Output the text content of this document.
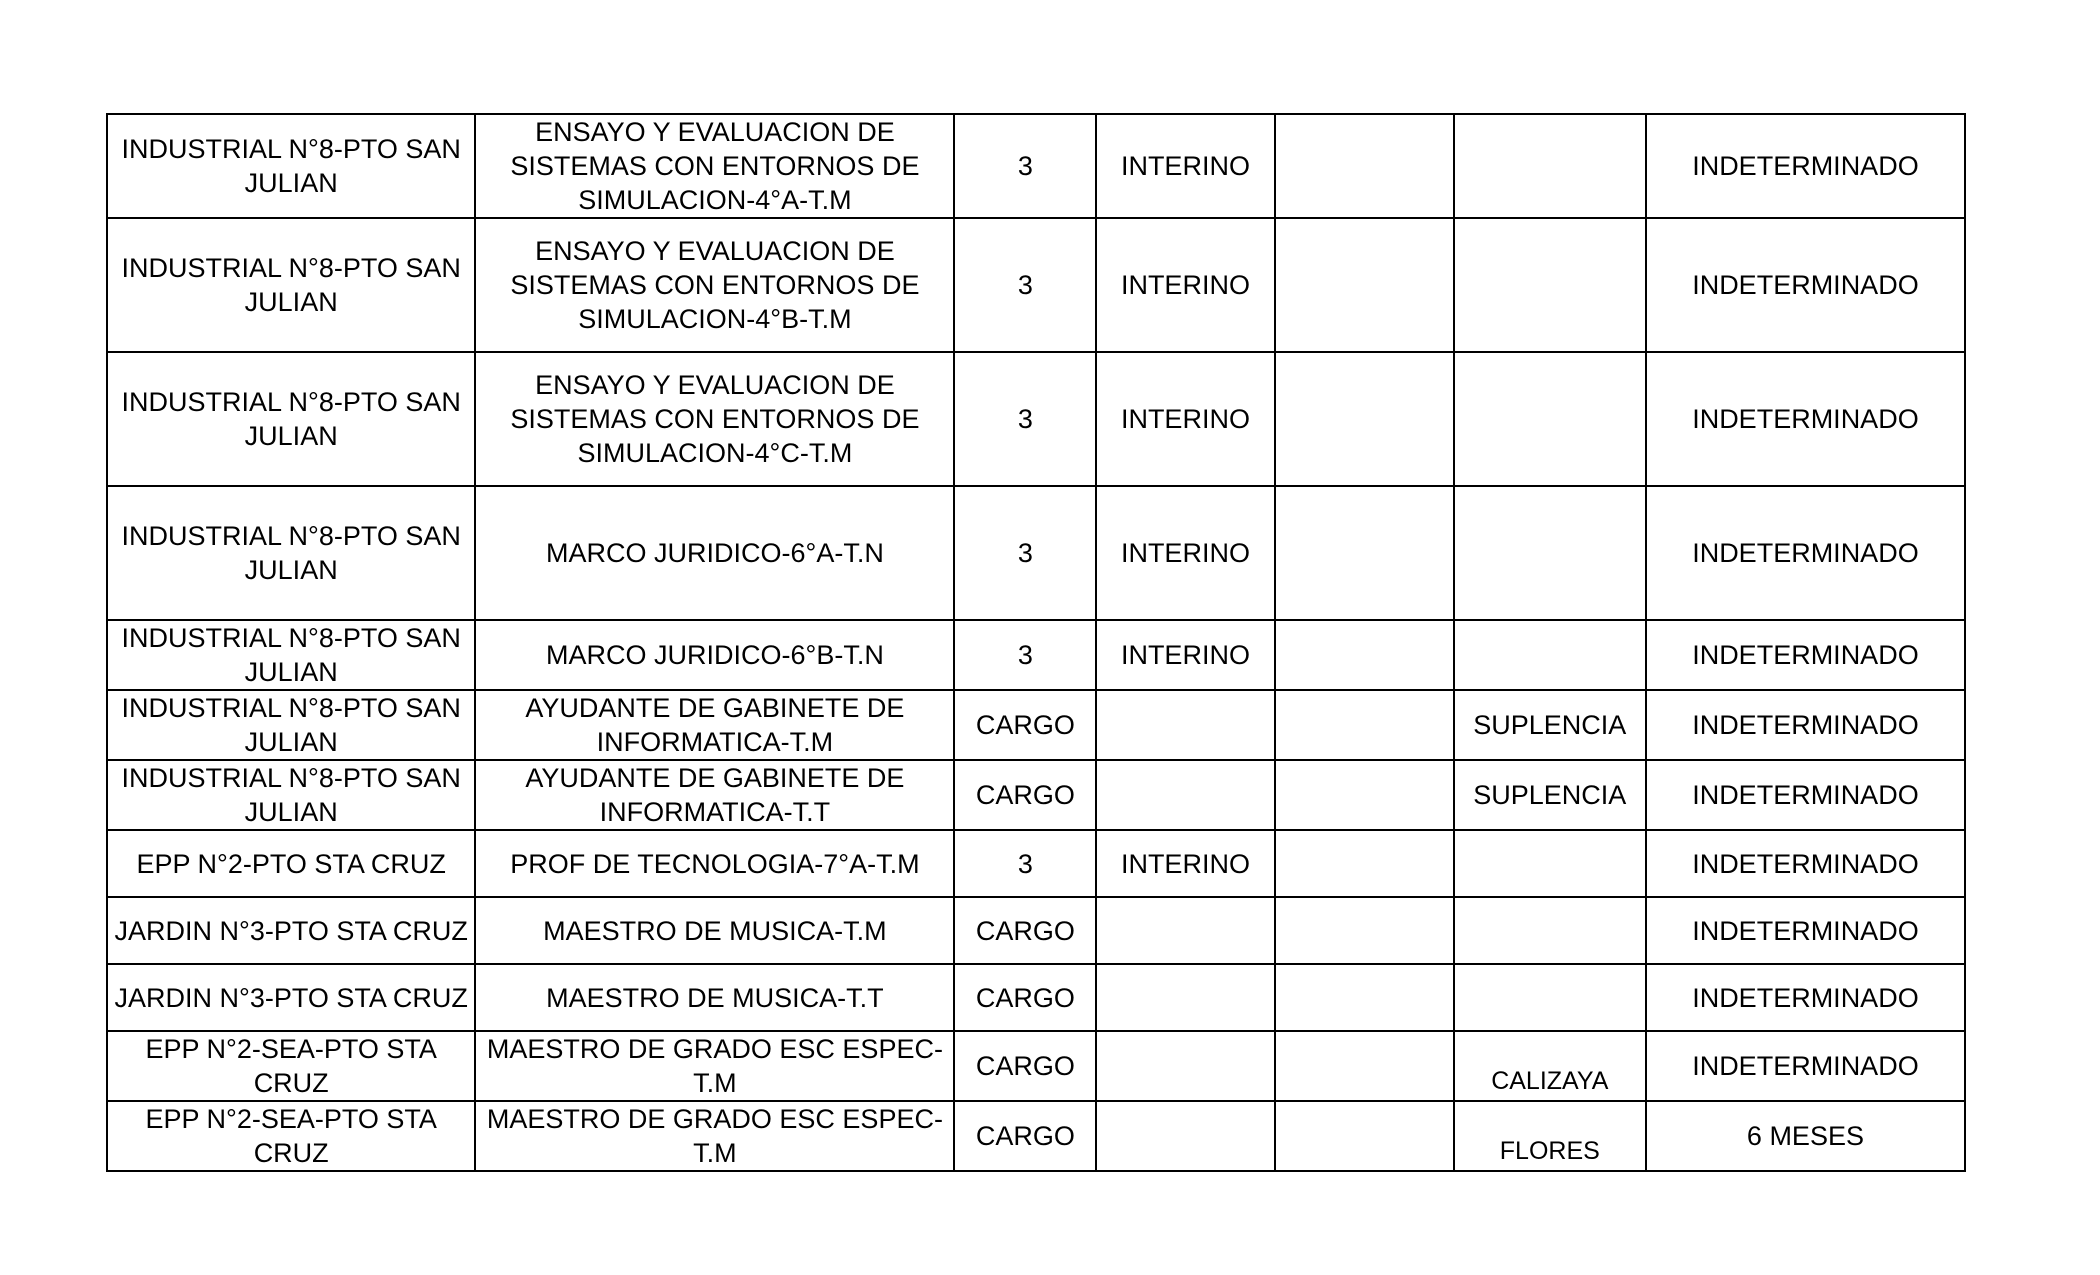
INDUSTRIAL N°8-PTO SAN JULIAN	ENSAYO Y EVALUACION DE SISTEMAS CON ENTORNOS DE SIMULACION-4°A-T.M	3	INTERINO			INDETERMINADO
INDUSTRIAL N°8-PTO SAN JULIAN	ENSAYO Y EVALUACION DE SISTEMAS CON ENTORNOS DE SIMULACION-4°B-T.M	3	INTERINO			INDETERMINADO
INDUSTRIAL N°8-PTO SAN JULIAN	ENSAYO Y EVALUACION DE SISTEMAS CON ENTORNOS DE SIMULACION-4°C-T.M	3	INTERINO			INDETERMINADO
INDUSTRIAL N°8-PTO SAN JULIAN	MARCO JURIDICO-6°A-T.N	3	INTERINO			INDETERMINADO
INDUSTRIAL N°8-PTO SAN JULIAN	MARCO JURIDICO-6°B-T.N	3	INTERINO			INDETERMINADO
INDUSTRIAL N°8-PTO SAN JULIAN	AYUDANTE DE GABINETE DE INFORMATICA-T.M	CARGO			SUPLENCIA	INDETERMINADO
INDUSTRIAL N°8-PTO SAN JULIAN	AYUDANTE DE GABINETE DE INFORMATICA-T.T	CARGO			SUPLENCIA	INDETERMINADO
EPP N°2-PTO STA CRUZ	PROF DE TECNOLOGIA-7°A-T.M	3	INTERINO			INDETERMINADO
JARDIN N°3-PTO STA CRUZ	MAESTRO DE MUSICA-T.M	CARGO				INDETERMINADO
JARDIN N°3-PTO STA CRUZ	MAESTRO DE MUSICA-T.T	CARGO				INDETERMINADO
EPP N°2-SEA-PTO STA CRUZ	MAESTRO DE GRADO ESC ESPEC-T.M	CARGO			CALIZAYA	INDETERMINADO
EPP N°2-SEA-PTO STA CRUZ	MAESTRO DE GRADO ESC ESPEC-T.M	CARGO			FLORES	6 MESES
